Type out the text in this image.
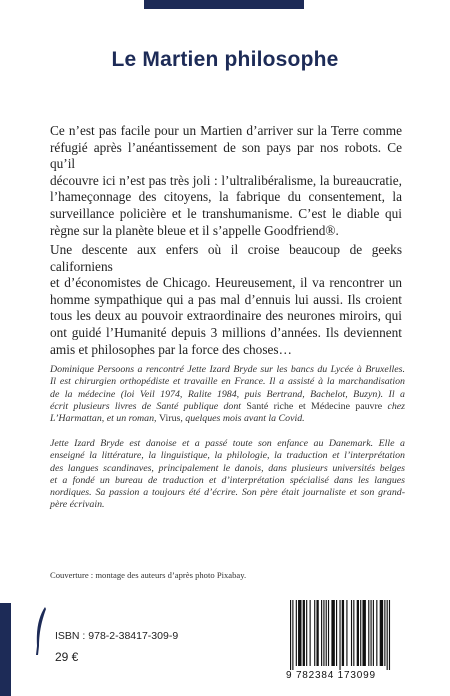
Le Martien philosophe
Ce n’est pas facile pour un Martien d’arriver sur la Terre comme
réfugié après l’anéantissement de son pays par nos robots. Ce qu’il
découvre ici n’est pas très joli : l’ultralibéralisme, la bureaucratie,
l’hameçonnage des citoyens, la fabrique du consentement, la
surveillance policière et le transhumanisme. C’est le diable qui
règne sur la planète bleue et il s’appelle Goodfriend®.
Une descente aux enfers où il croise beaucoup de geeks californiens
et d’économistes de Chicago. Heureusement, il va rencontrer un
homme sympathique qui a pas mal d’ennuis lui aussi. Ils croient
tous les deux au pouvoir extraordinaire des neurones miroirs, qui
ont guidé l’Humanité depuis 3 millions d’années. Ils deviennent
amis et philosophes par la force des choses…
Dominique Persoons a rencontré Jette Izard Bryde sur les bancs du Lycée à Bruxelles.
Il est chirurgien orthopédiste et travaille en France. Il a assisté à la marchandisation
de la médecine (loi Veil 1974, Ralite 1984, puis Bertrand, Bachelot, Buzyn). Il a
écrit plusieurs livres de Santé publique dont Santé riche et Médecine pauvre chez
L’Harmattan, et un roman, Virus, quelques mois avant la Covid.
Jette Izard Bryde est danoise et a passé toute son enfance au Danemark. Elle a
enseigné la littérature, la linguistique, la philologie, la traduction et l’interprétation
des langues scandinaves, principalement le danois, dans plusieurs universités belges
et a fondé un bureau de traduction et d’interprétation spécialisé dans les langues
nordiques. Sa passion a toujours été d’écrire. Son père était journaliste et son grand-
père écrivain.
Couverture : montage des auteurs d’après photo Pixabay.
ISBN : 978-2-38417-309-9
29 €
9 782384 173099
